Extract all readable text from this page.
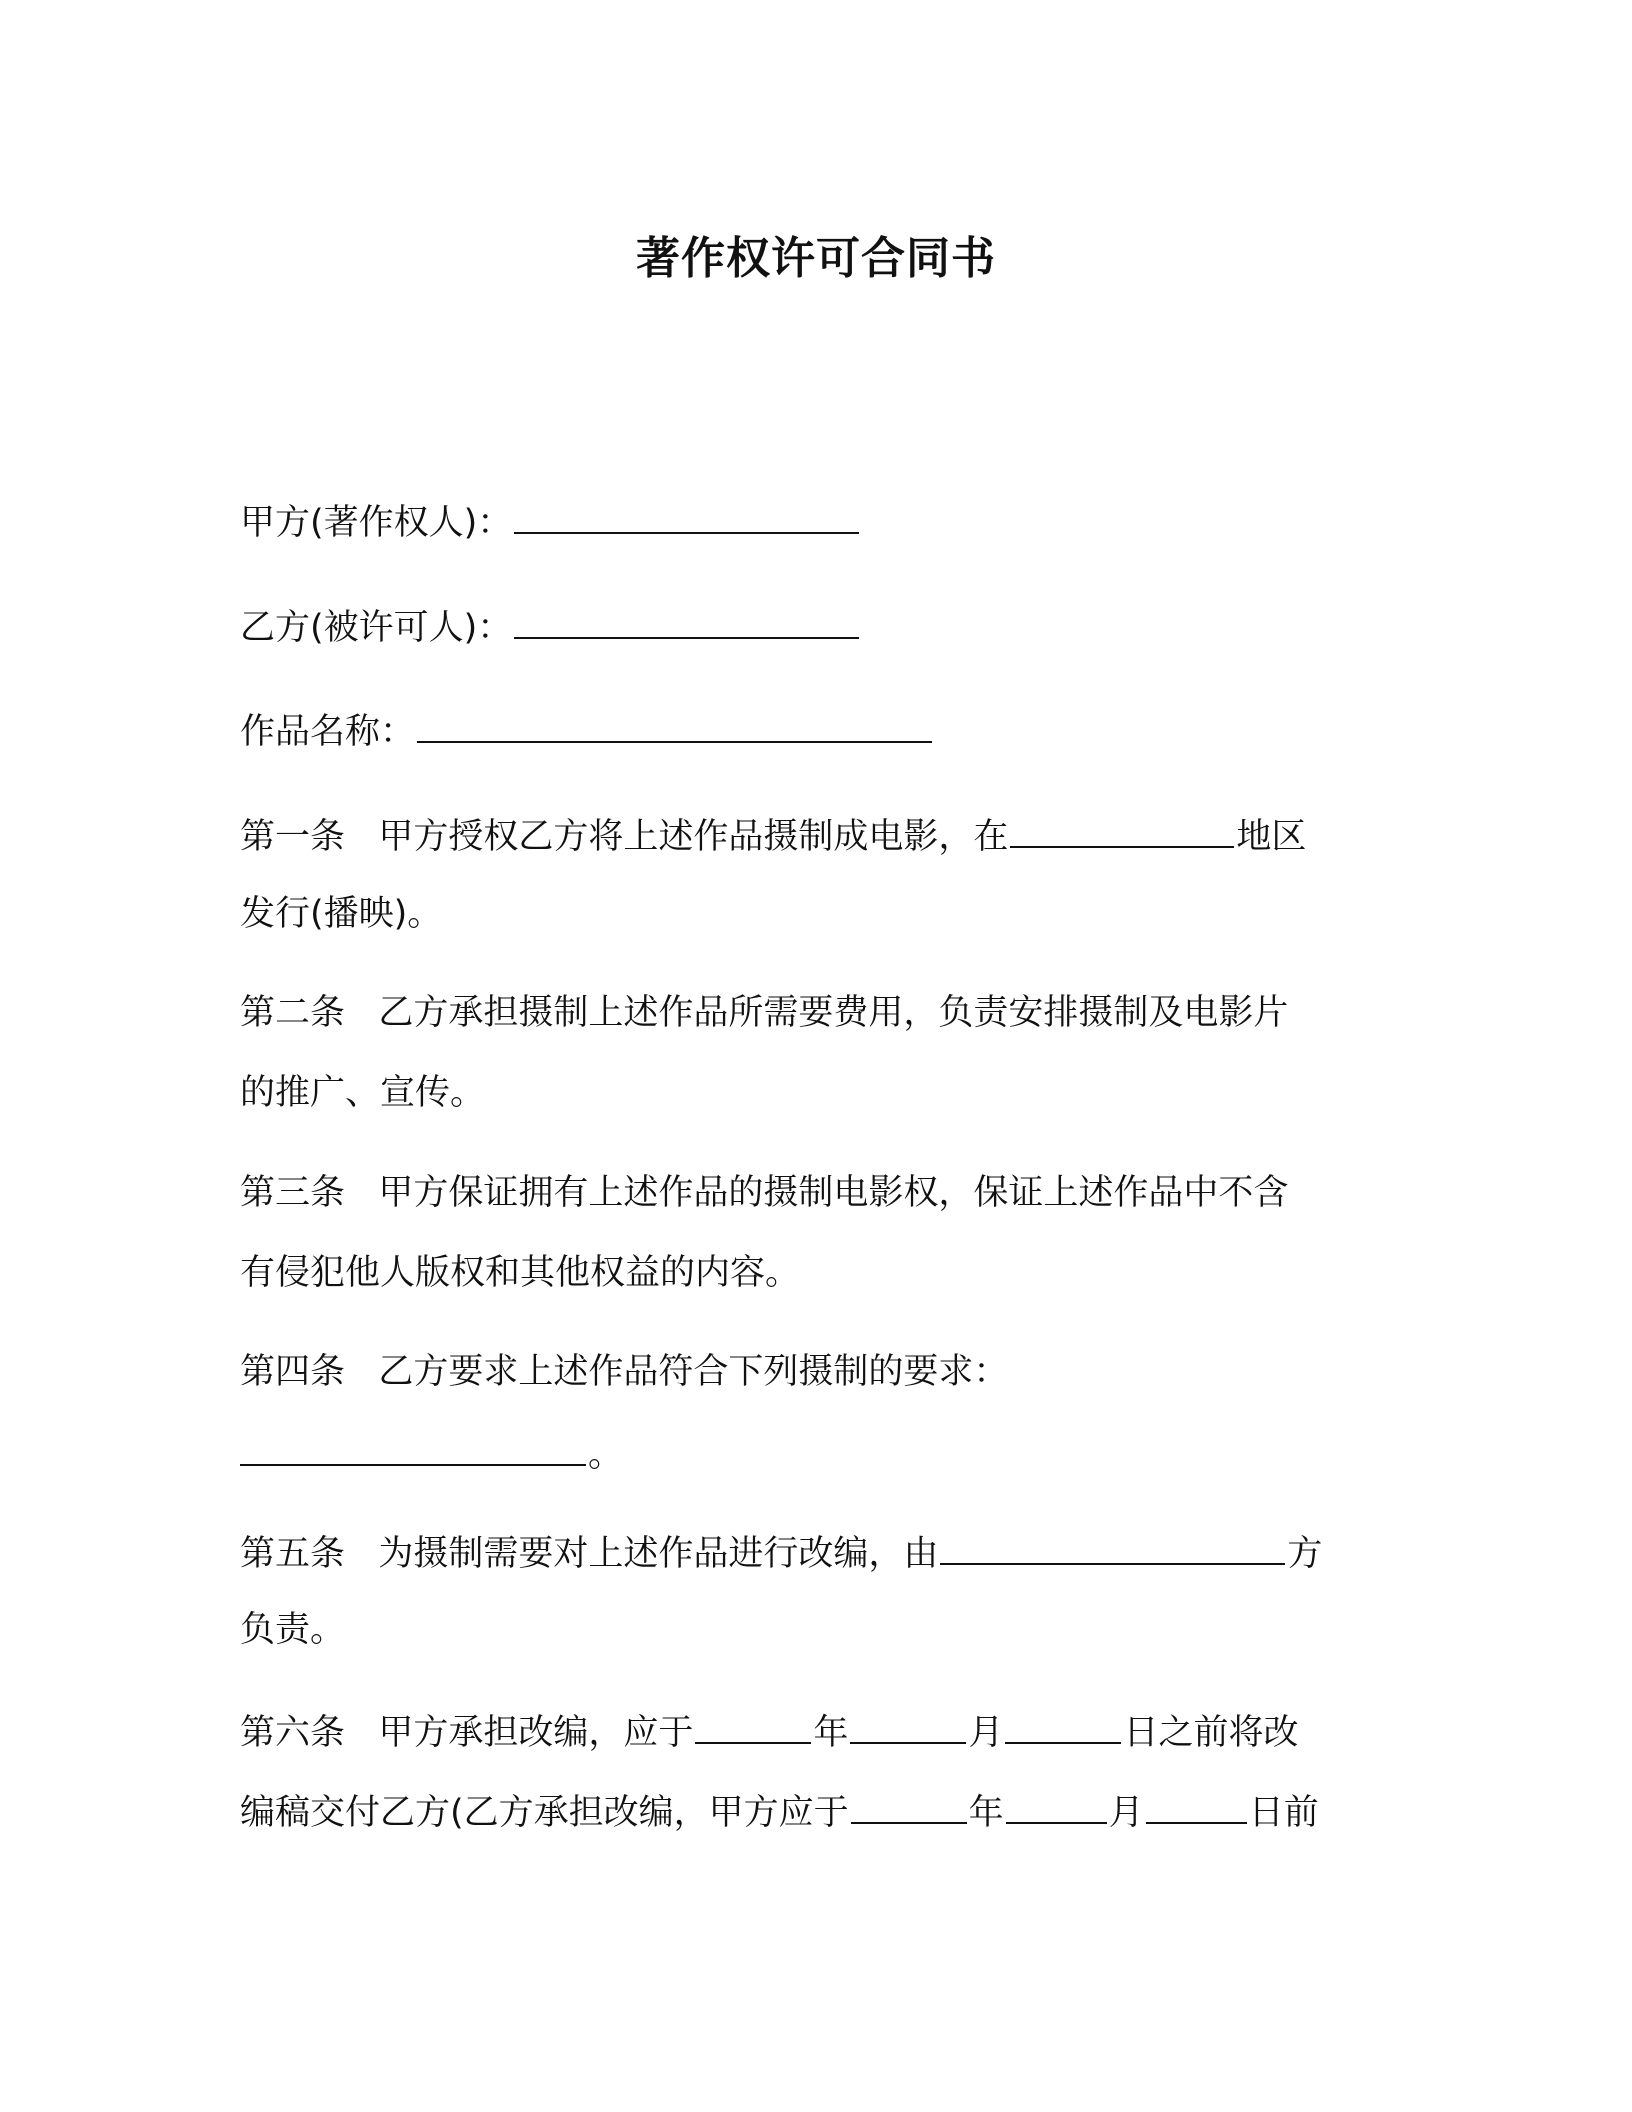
著作权许可合同书

甲方(著作权人)：

乙方(被许可人)：

作品名称：

第一条 甲方授权乙方将上述作品摄制成电影，在	地区

发行(播映)。

第二条 乙方承担摄制上述作品所需要费用，负责安排摄制及电影片

的推广、宣传。

第三条 甲方保证拥有上述作品的摄制电影权，保证上述作品中不含

有侵犯他人版权和其他权益的内容。

第四条 乙方要求上述作品符合下列摄制的要求：

。

第五条 为摄制需要对上述作品进行改编，由	方

负责。

第六条 甲方承担改编，应于	年	月	日之前将改

编稿交付乙方(乙方承担改编，甲方应于	年	月	日前
